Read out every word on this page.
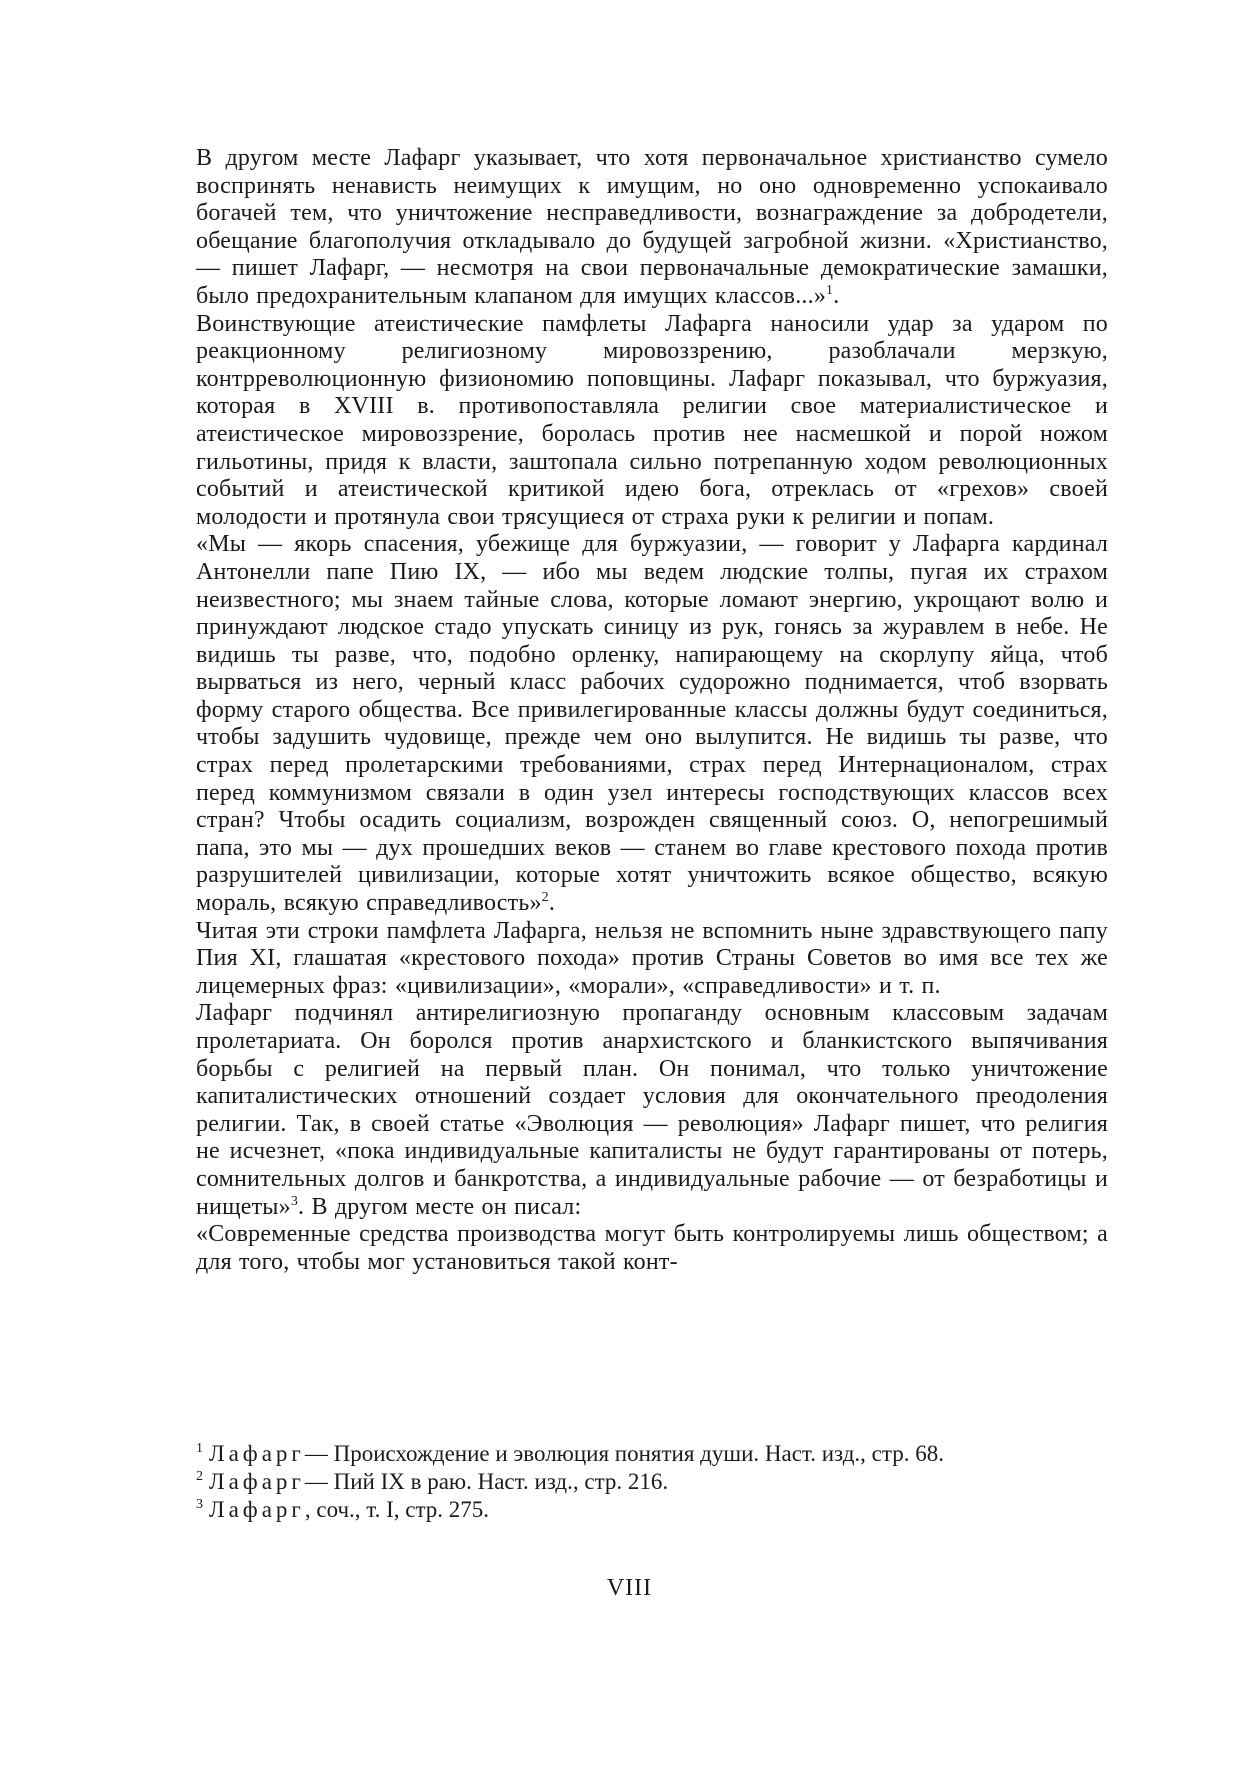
В другом месте Лафарг указывает, что хотя первоначальное христианство сумело воспринять ненависть неимущих к имущим, но оно одновременно успокаивало богачей тем, что уничтожение несправедливости, вознаграждение за добродетели, обещание благополучия откладывало до будущей загробной жизни. «Христианство, — пишет Лафарг, — несмотря на свои первоначальные демократические замашки, было предохранительным клапаном для имущих классов...»$^1$.

Воинствующие атеистические памфлеты Лафарга наносили удар за ударом по реакционному религиозному мировоззрению, разоблачали мерзкую, контрреволюционную физиономию поповщины. Лафарг показывал, что буржуазия, которая в XVIII в. противопоставляла религии свое материалистическое и атеистическое мировоззрение, боролась против нее насмешкой и порой ножом гильотины, придя к власти, заштопала сильно потрепанную ходом революционных событий и атеистической критикой идею бога, отреклась от «грехов» своей молодости и протянула свои трясущиеся от страха руки к религии и попам.

«Мы — якорь спасения, убежище для буржуазии, — говорит у Лафарга кардинал Антонелли папе Пию IX, — ибо мы ведем людские толпы, пугая их страхом неизвестного; мы знаем тайные слова, которые ломают энергию, укрощают волю и принуждают людское стадо упускать синицу из рук, гонясь за журавлем в небе. Не видишь ты разве, что, подобно орленку, напирающему на скорлупу яйца, чтоб вырваться из него, черный класс рабочих судорожно поднимается, чтоб взорвать форму старого общества. Все привилегированные классы должны будут соединиться, чтобы задушить чудовище, прежде чем оно вылупится. Не видишь ты разве, что страх перед пролетарскими требованиями, страх перед Интернационалом, страх перед коммунизмом связали в один узел интересы господствующих классов всех стран? Чтобы осадить социализм, возрожден священный союз. О, непогрешимый папа, это мы — дух прошедших веков — станем во главе крестового похода против разрушителей цивилизации, которые хотят уничтожить всякое общество, всякую мораль, всякую справедливость»$^2$.

Читая эти строки памфлета Лафарга, нельзя не вспомнить ныне здравствующего папу Пия XI, глашатая «крестового похода» против Страны Советов во имя все тех же лицемерных фраз: «цивилизации», «морали», «справедливости» и т. п.

Лафарг подчинял антирелигиозную пропаганду основным классовым задачам пролетариата. Он боролся против анархистского и бланкистского выпячивания борьбы с религией на первый план. Он понимал, что только уничтожение капиталистических отношений создает условия для окончательного преодоления религии. Так, в своей статье «Эволюция — революция» Лафарг пишет, что религия не исчезнет, «пока индивидуальные капиталисты не будут гарантированы от потерь, сомнительных долгов и банкротства, а индивидуальные рабочие — от безработицы и нищеты»$^3$. В другом месте он писал:

«Современные средства производства могут быть контролируемы лишь обществом; а для того, чтобы мог установиться такой конт-

$^1$ Лафарг— Происхождение и эволюция понятия души. Наст. изд., стр. 68.

$^2$ Лафарг— Пий IX в раю. Наст. изд., стр. 216.

$^3$ Лафарг, соч., т. I, стр. 275.

VIII
